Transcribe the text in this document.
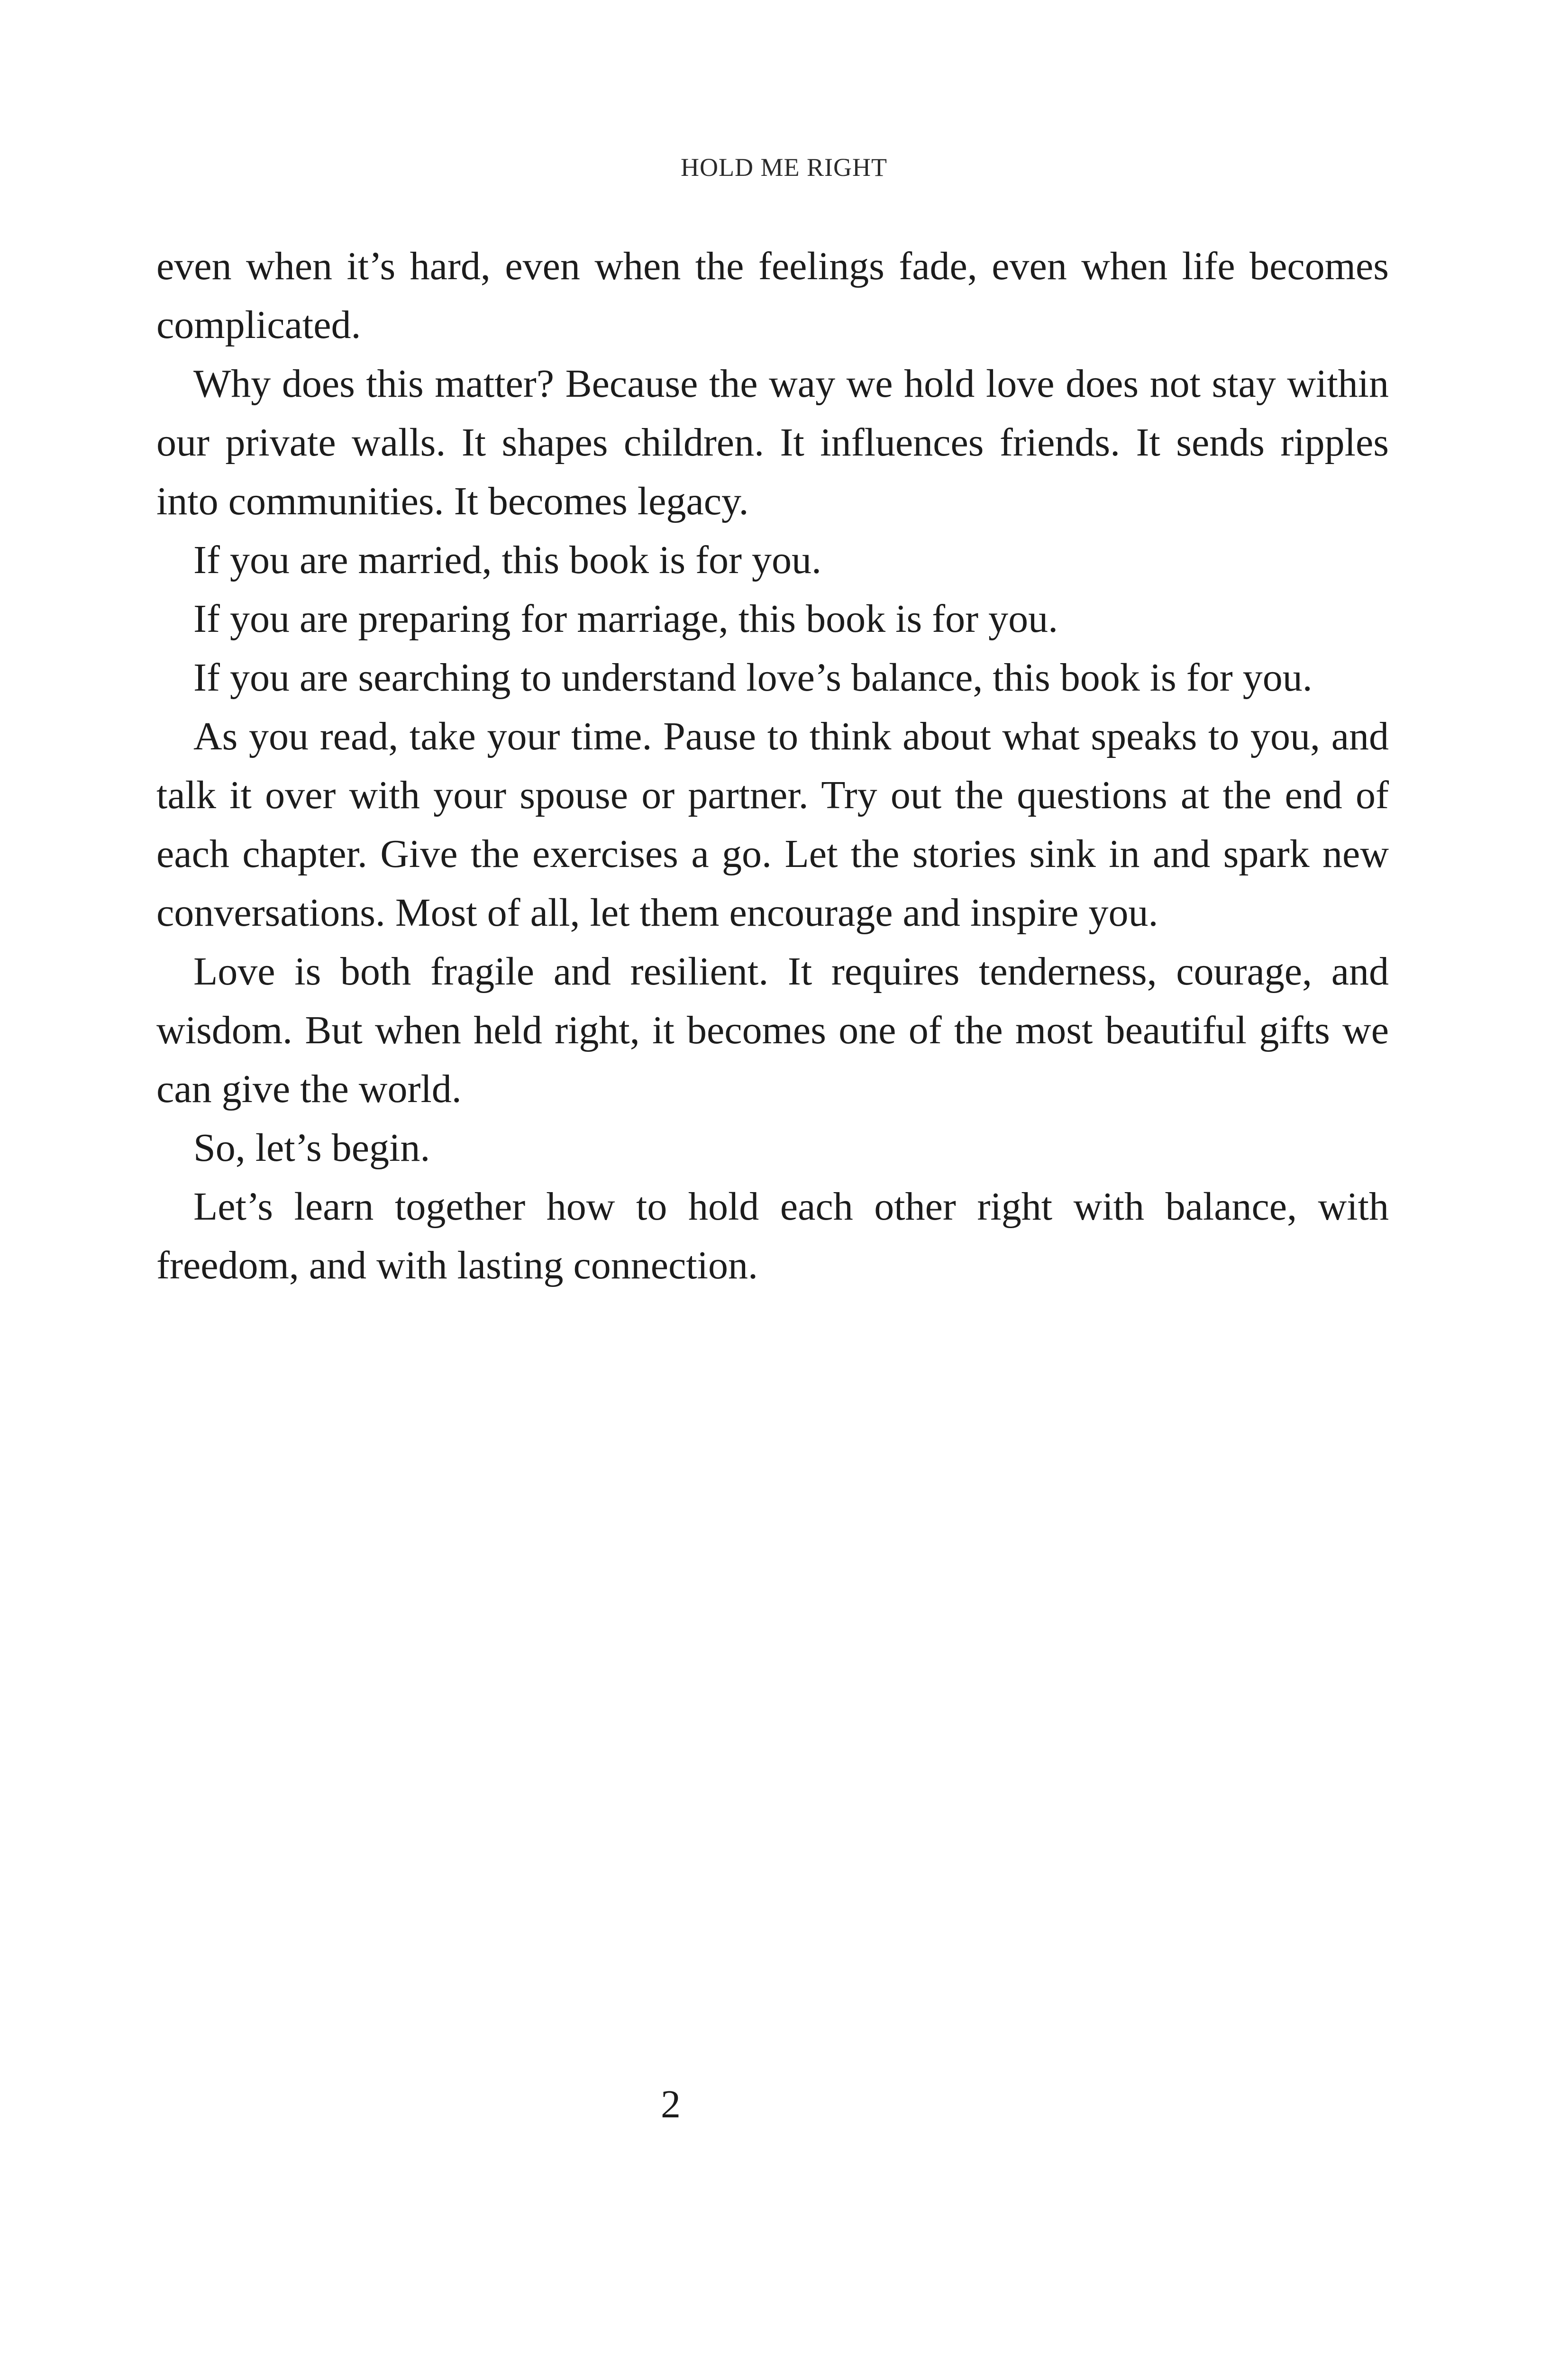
HOLD ME RIGHT

even when it’s hard, even when the feelings fade, even when life becomes complicated.

Why does this matter? Because the way we hold love does not stay within our private walls. It shapes children. It influences friends. It sends ripples into communities. It becomes legacy.

If you are married, this book is for you.

If you are preparing for marriage, this book is for you.

If you are searching to understand love’s balance, this book is for you.

As you read, take your time. Pause to think about what speaks to you, and talk it over with your spouse or partner. Try out the questions at the end of each chapter. Give the exercises a go. Let the stories sink in and spark new conversations. Most of all, let them encourage and inspire you.

Love is both fragile and resilient. It requires tenderness, courage, and wisdom. But when held right, it becomes one of the most beautiful gifts we can give the world.

So, let’s begin.

Let’s learn together how to hold each other right with balance, with freedom, and with lasting connection.

2
